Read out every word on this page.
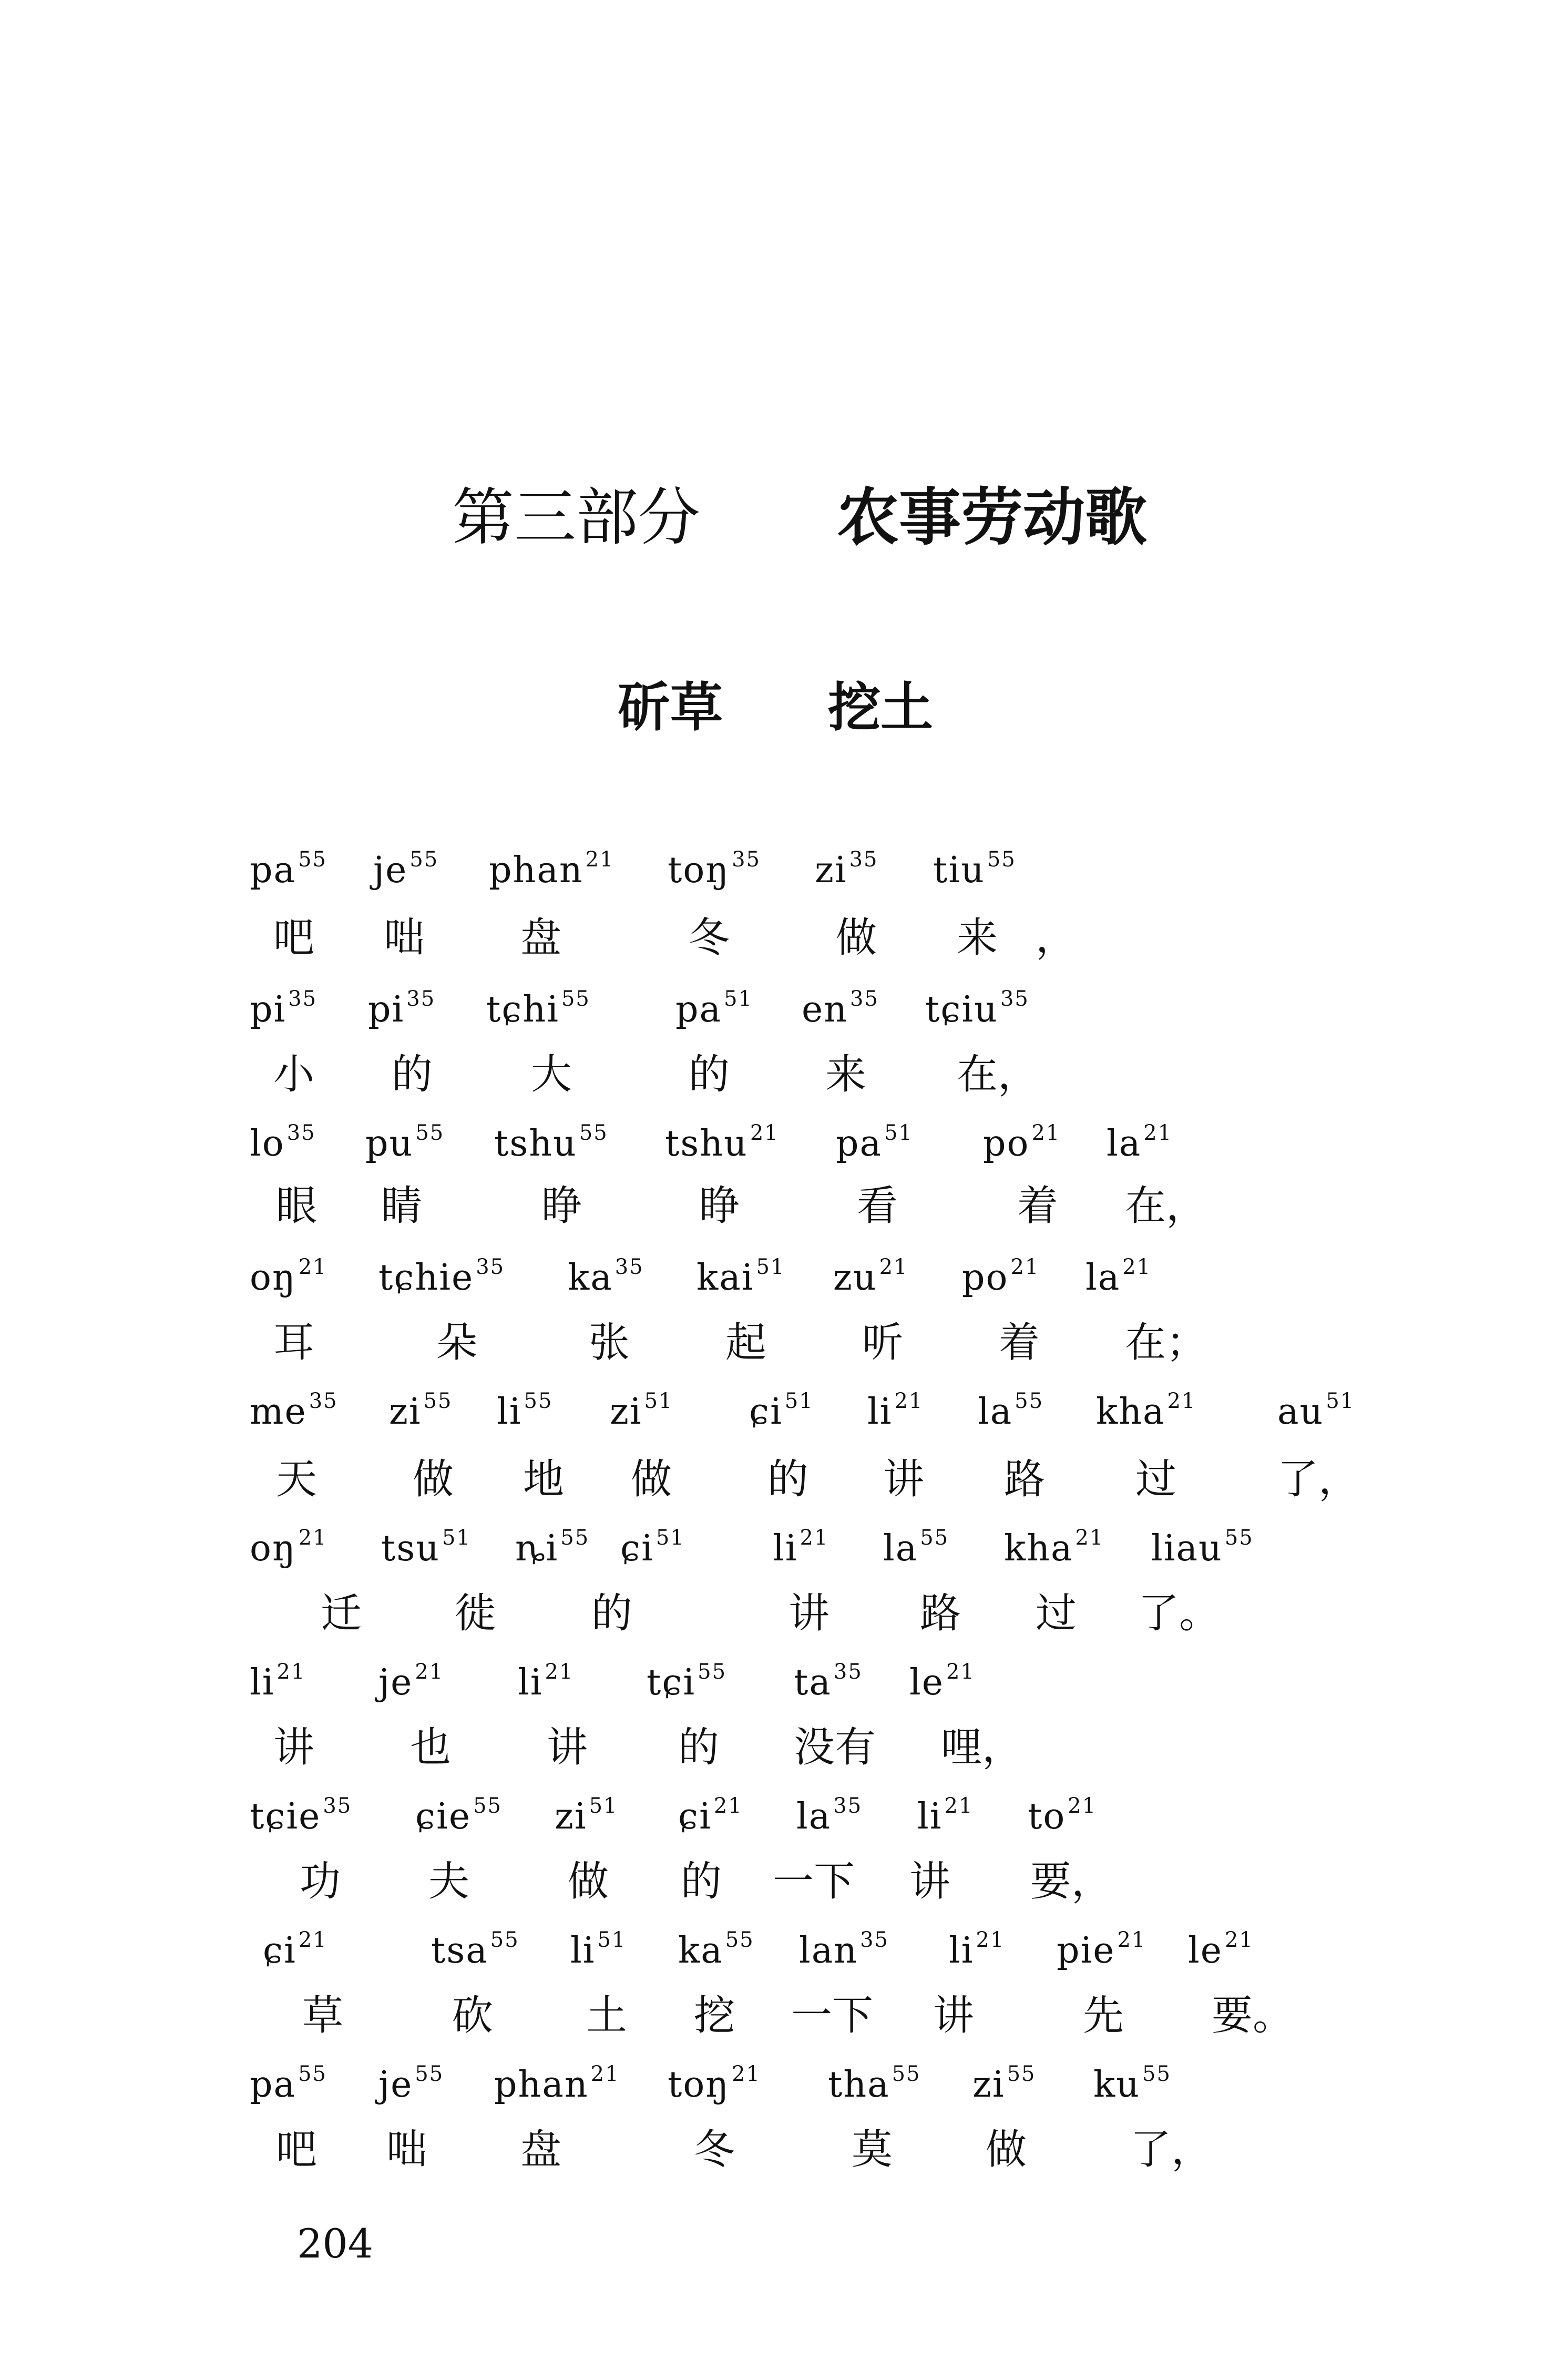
第三部分 农事劳动歌
斫草 挖土
pa $^{55}$ je $^{55}$ phan $^{21}$ toŋ $^{35}$ zi $^{35}$ tiu $^{55}$
吧 咄 盘	冬	做 来 ，
pi $^{35}$ pi $^{35}$ tɕhi $^{55}$ pa $^{51}$ en $^{35}$ tɕiu $^{35}$
小 的 大	的 来 在，
lo $^{35}$ pu $^{55}$ tshu $^{55}$ tshu $^{21}$ pa $^{51}$ po $^{21}$ la $^{21}$
眼 睛	睁	睁	看	着 在，
oŋ $^{21}$ tɕhie $^{35}$ ka $^{35}$ kai $^{51}$ zu $^{21}$ po $^{21}$ la $^{21}$
耳	朵	张 起 听 着 在；
me $^{35}$ zi $^{55}$ li $^{55}$ zi $^{51}$ ɕi $^{51}$ li $^{21}$ la $^{55}$ kha $^{21}$ au $^{51}$
天 做 地 做 的 讲 路 过 了，
oŋ $^{21}$ tsu $^{51}$ ȵi $^{55}$ ɕi $^{51}$ li $^{21}$ la $^{55}$ kha $^{21}$ liau $^{55}$
迁 徙 的	讲 路 过 了。
li $^{21}$ je $^{21}$ li $^{21}$ tɕi $^{55}$ ta $^{35}$ le $^{21}$
讲 也 讲 的 没有 哩，
tɕie $^{35}$ ɕie $^{55}$ zi $^{51}$ ɕi $^{21}$ la $^{35}$ li $^{21}$ to $^{21}$
功 夫 做 的 一下 讲 要，
ɕi $^{21}$	tsa $^{55}$ li $^{51}$ ka $^{55}$ lan $^{35}$ li $^{21}$ pie $^{21}$ le $^{21}$
草	砍 土 挖 一下 讲	先 要。
pa $^{55}$ je $^{55}$ phan $^{21}$ toŋ $^{21}$ tha $^{55}$ zi $^{55}$ ku $^{55}$
吧 咄 盘	冬	莫 做	了，
204
